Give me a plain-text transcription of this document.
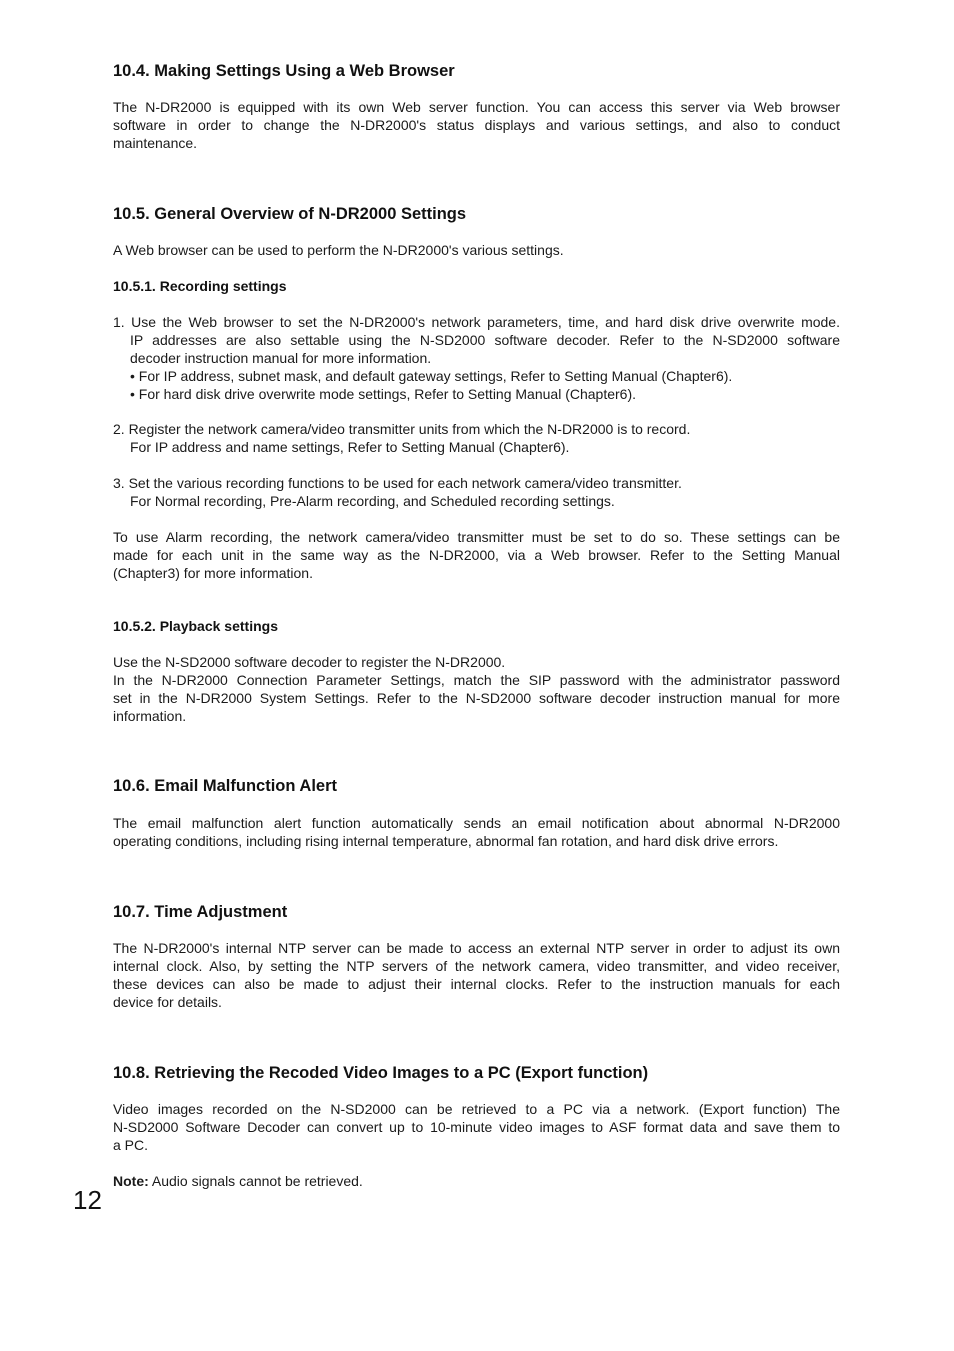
10.4. Making Settings Using a Web Browser
The N-DR2000 is equipped with its own Web server function. You can access this server via Web browser
software in order to change the N-DR2000's status displays and various settings, and also to conduct
maintenance.
10.5. General Overview of N-DR2000 Settings
A Web browser can be used to perform the N-DR2000's various settings.
10.5.1. Recording settings
1. Use the Web browser to set the N-DR2000's network parameters, time, and hard disk drive overwrite mode.
IP addresses are also settable using the N-SD2000 software decoder. Refer to the N-SD2000 software
decoder instruction manual for more information.
• For IP address, subnet mask, and default gateway settings, Refer to Setting Manual (Chapter6).
• For hard disk drive overwrite mode settings, Refer to Setting Manual (Chapter6).
2. Register the network camera/video transmitter units from which the N-DR2000 is to record.
For IP address and name settings, Refer to Setting Manual (Chapter6).
3. Set the various recording functions to be used for each network camera/video transmitter.
For Normal recording, Pre-Alarm recording, and Scheduled recording settings.
To use Alarm recording, the network camera/video transmitter must be set to do so. These settings can be
made for each unit in the same way as the N-DR2000, via a Web browser. Refer to the Setting Manual
(Chapter3) for more information.
10.5.2. Playback settings
Use the N-SD2000 software decoder to register the N-DR2000.
In the N-DR2000 Connection Parameter Settings, match the SIP password with the administrator password
set in the N-DR2000 System Settings. Refer to the N-SD2000 software decoder instruction manual for more
information.
10.6. Email Malfunction Alert
The email malfunction alert function automatically sends an email notification about abnormal N-DR2000
operating conditions, including rising internal temperature, abnormal fan rotation, and hard disk drive errors.
10.7. Time Adjustment
The N-DR2000's internal NTP server can be made to access an external NTP server in order to adjust its own
internal clock. Also, by setting the NTP servers of the network camera, video transmitter, and video receiver,
these devices can also be made to adjust their internal clocks. Refer to the instruction manuals for each
device for details.
10.8. Retrieving the Recoded Video Images to a PC (Export function)
Video images recorded on the N-SD2000 can be retrieved to a PC via a network. (Export function) The
N-SD2000 Software Decoder can convert up to 10-minute video images to ASF format data and save them to
a PC.
Note: Audio signals cannot be retrieved.
12
